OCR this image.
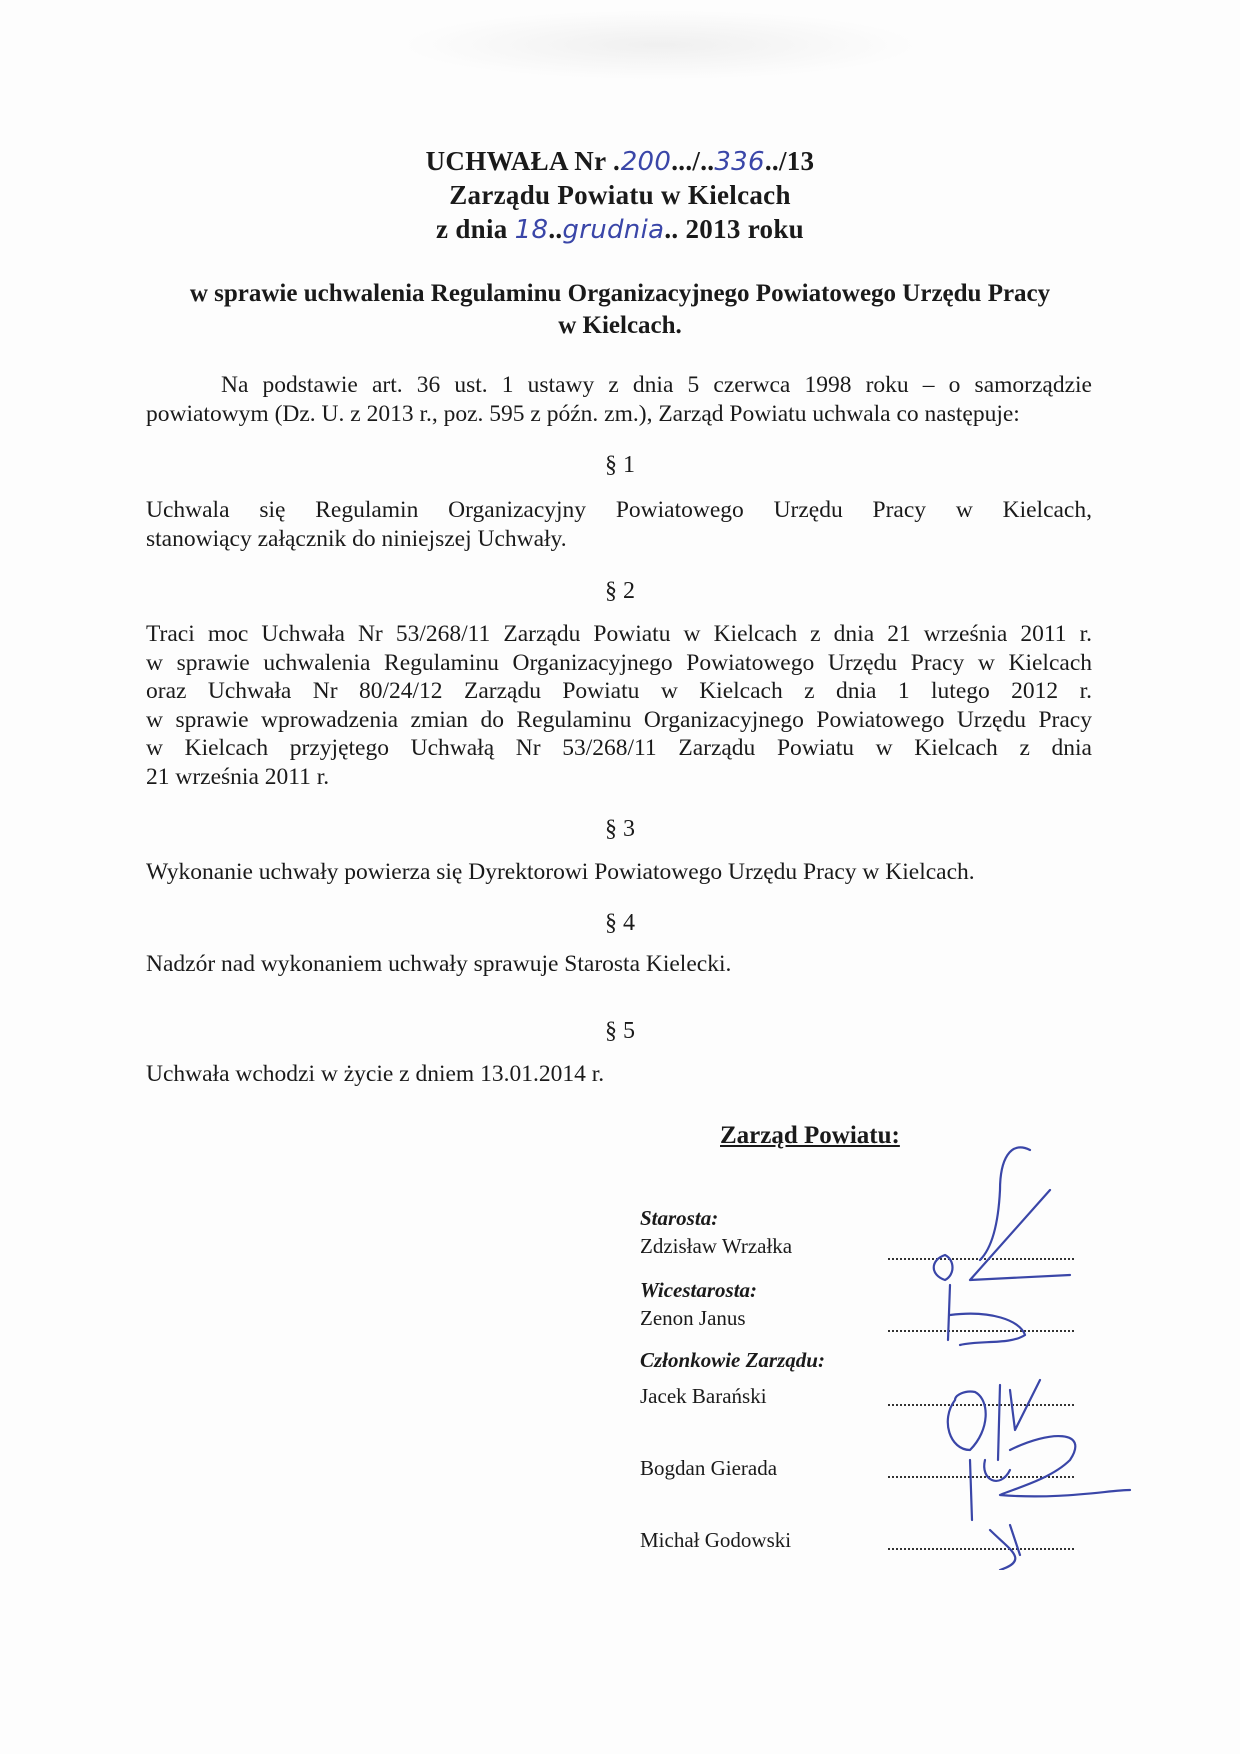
UCHWAŁA Nr .200.../..336../13
Zarządu Powiatu w Kielcach
z dnia 18..grudnia.. 2013 roku
w sprawie uchwalenia Regulaminu Organizacyjnego Powiatowego Urzędu Pracy
w Kielcach.
Na podstawie art. 36 ust. 1 ustawy z dnia 5 czerwca 1998 roku – o samorządzie
powiatowym (Dz. U. z 2013 r., poz. 595 z późn. zm.), Zarząd Powiatu uchwala co następuje:
§ 1
Uchwala się Regulamin Organizacyjny Powiatowego Urzędu Pracy w Kielcach,
stanowiący załącznik do niniejszej Uchwały.
§ 2
Traci moc Uchwała Nr 53/268/11 Zarządu Powiatu w Kielcach z dnia 21 września 2011 r.
w sprawie uchwalenia Regulaminu Organizacyjnego Powiatowego Urzędu Pracy w Kielcach
oraz Uchwała Nr 80/24/12 Zarządu Powiatu w Kielcach z dnia 1 lutego 2012 r.
w sprawie wprowadzenia zmian do Regulaminu Organizacyjnego Powiatowego Urzędu Pracy
w Kielcach przyjętego Uchwałą Nr 53/268/11 Zarządu Powiatu w Kielcach z dnia
21 września 2011 r.
§ 3
Wykonanie uchwały powierza się Dyrektorowi Powiatowego Urzędu Pracy w Kielcach.
§ 4
Nadzór nad wykonaniem uchwały sprawuje Starosta Kielecki.
§ 5
Uchwała wchodzi w życie z dniem 13.01.2014 r.
Zarząd Powiatu:
Starosta:
Zdzisław Wrzałka
Wicestarosta:
Zenon Janus
Członkowie Zarządu:
Jacek Barański
Bogdan Gierada
Michał Godowski
